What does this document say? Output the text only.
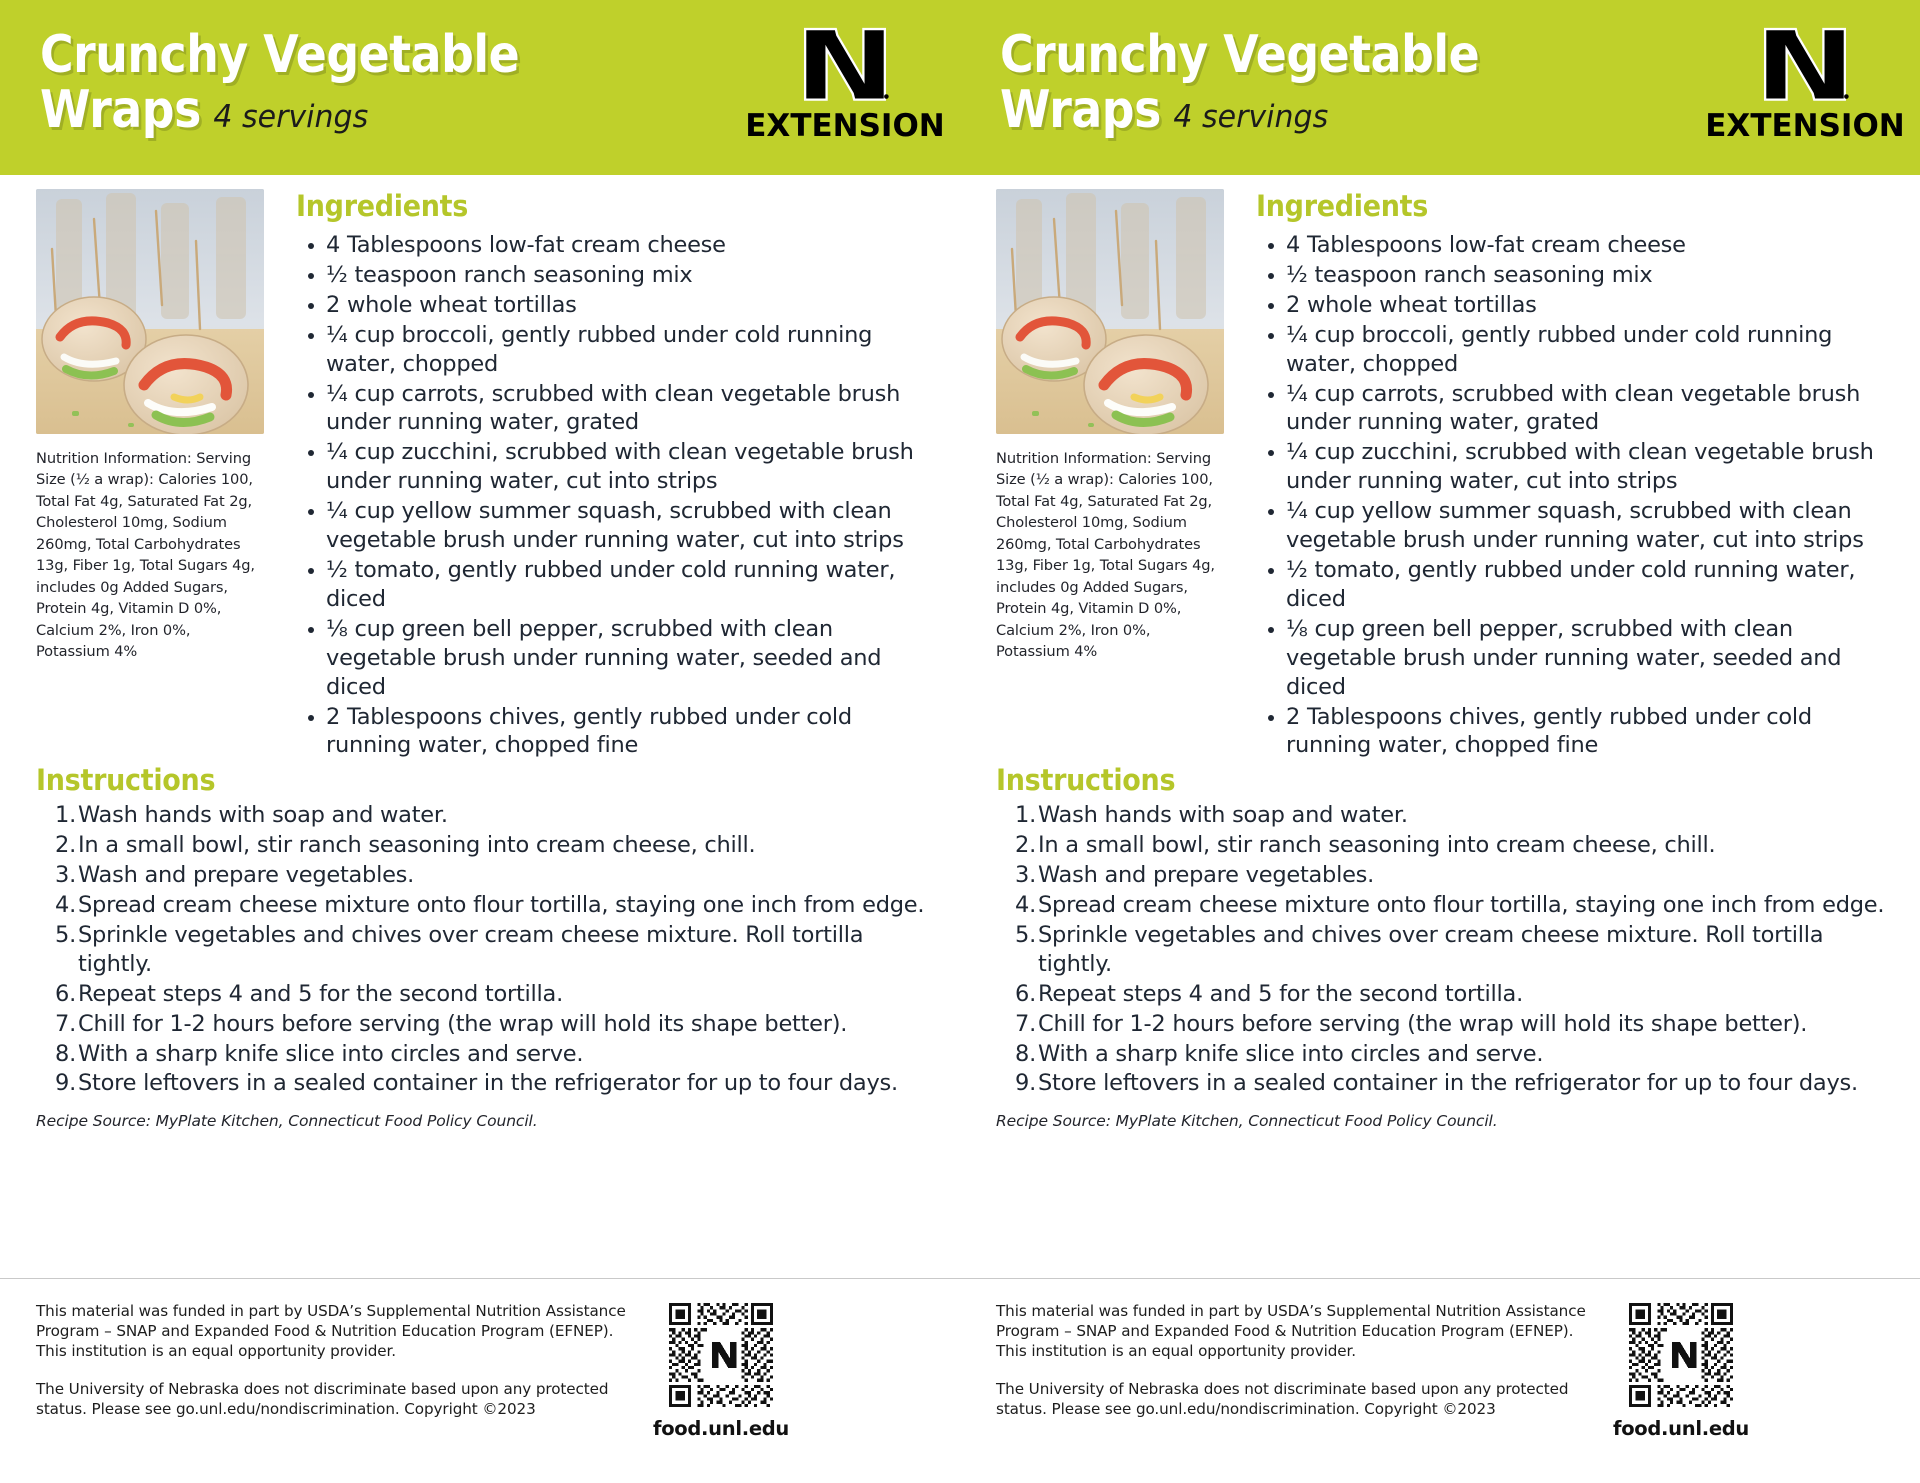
Crunchy Vegetable
Wraps 4 servings	EXTENSION
Nutrition Information: Serving Size (½ a wrap): Calories 100, Total Fat 4g, Saturated Fat 2g, Cholesterol 10mg, Sodium 260mg, Total Carbohydrates 13g, Fiber 1g, Total Sugars 4g, includes 0g Added Sugars, Protein 4g, Vitamin D 0%, Calcium 2%, Iron 0%, Potassium 4%
Ingredients
4 Tablespoons low-fat cream cheese
½ teaspoon ranch seasoning mix
2 whole wheat tortillas
¼ cup broccoli, gently rubbed under cold running water, chopped
¼ cup carrots, scrubbed with clean vegetable brush under running water, grated
¼ cup zucchini, scrubbed with clean vegetable brush under running water, cut into strips
¼ cup yellow summer squash, scrubbed with clean vegetable brush under running water, cut into strips
½ tomato, gently rubbed under cold running water, diced
⅛ cup green bell pepper, scrubbed with clean vegetable brush under running water, seeded and diced
2 Tablespoons chives, gently rubbed under cold running water, chopped fine
Instructions
Wash hands with soap and water.
In a small bowl, stir ranch seasoning into cream cheese, chill.
Wash and prepare vegetables.
Spread cream cheese mixture onto flour tortilla, staying one inch from edge.
Sprinkle vegetables and chives over cream cheese mixture. Roll tortilla tightly.
Repeat steps 4 and 5 for the second tortilla.
Chill for 1-2 hours before serving (the wrap will hold its shape better).
With a sharp knife slice into circles and serve.
Store leftovers in a sealed container in the refrigerator for up to four days.
Recipe Source: MyPlate Kitchen, Connecticut Food Policy Council.

This material was funded in part by USDA’s Supplemental Nutrition Assistance Program – SNAP and Expanded Food & Nutrition Education Program (EFNEP). This institution is an equal opportunity provider.

The University of Nebraska does not discriminate based upon any protected status. Please see go.unl.edu/nondiscrimination. Copyright ©2023

food.unl.edu
Crunchy Vegetable
Wraps 4 servings	EXTENSION
Nutrition Information: Serving Size (½ a wrap): Calories 100, Total Fat 4g, Saturated Fat 2g, Cholesterol 10mg, Sodium 260mg, Total Carbohydrates 13g, Fiber 1g, Total Sugars 4g, includes 0g Added Sugars, Protein 4g, Vitamin D 0%, Calcium 2%, Iron 0%, Potassium 4%
Ingredients
4 Tablespoons low-fat cream cheese
½ teaspoon ranch seasoning mix
2 whole wheat tortillas
¼ cup broccoli, gently rubbed under cold running water, chopped
¼ cup carrots, scrubbed with clean vegetable brush under running water, grated
¼ cup zucchini, scrubbed with clean vegetable brush under running water, cut into strips
¼ cup yellow summer squash, scrubbed with clean vegetable brush under running water, cut into strips
½ tomato, gently rubbed under cold running water, diced
⅛ cup green bell pepper, scrubbed with clean vegetable brush under running water, seeded and diced
2 Tablespoons chives, gently rubbed under cold running water, chopped fine
Instructions
Wash hands with soap and water.
In a small bowl, stir ranch seasoning into cream cheese, chill.
Wash and prepare vegetables.
Spread cream cheese mixture onto flour tortilla, staying one inch from edge.
Sprinkle vegetables and chives over cream cheese mixture. Roll tortilla tightly.
Repeat steps 4 and 5 for the second tortilla.
Chill for 1-2 hours before serving (the wrap will hold its shape better).
With a sharp knife slice into circles and serve.
Store leftovers in a sealed container in the refrigerator for up to four days.
Recipe Source: MyPlate Kitchen, Connecticut Food Policy Council.

This material was funded in part by USDA’s Supplemental Nutrition Assistance Program – SNAP and Expanded Food & Nutrition Education Program (EFNEP). This institution is an equal opportunity provider.

The University of Nebraska does not discriminate based upon any protected status. Please see go.unl.edu/nondiscrimination. Copyright ©2023

food.unl.edu
